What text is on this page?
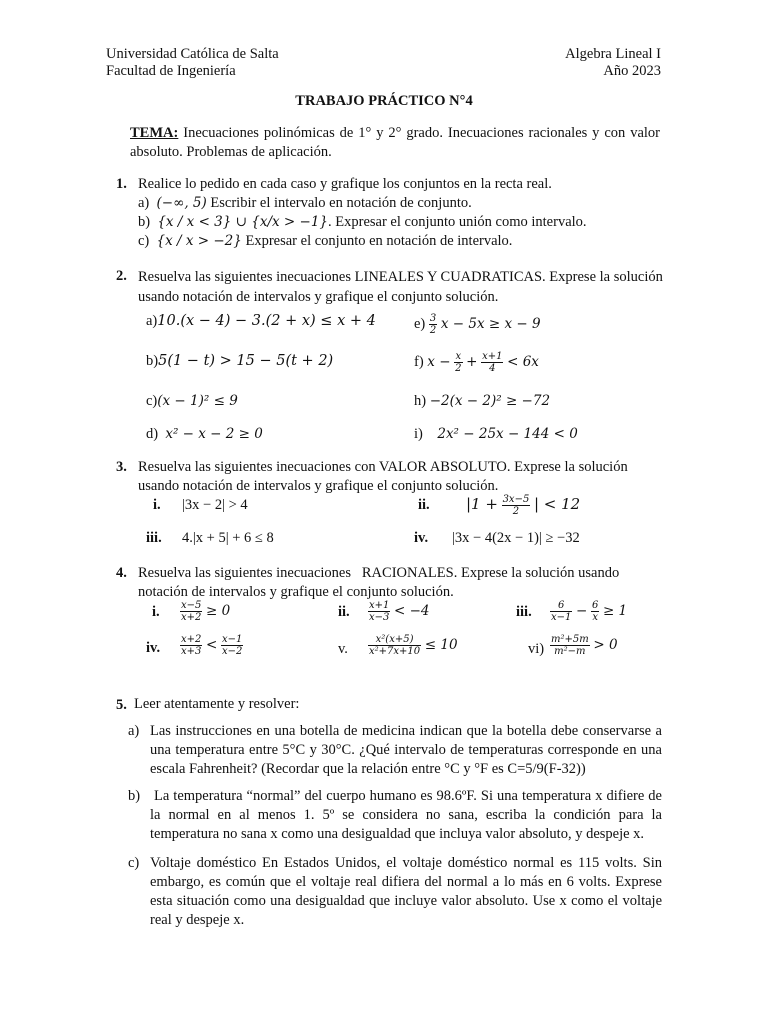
Universidad Católica de Salta
Facultad de Ingeniería
Algebra Lineal I
Año 2023
TRABAJO PRÁCTICO N°4
TEMA: Inecuaciones polinómicas de 1° y 2° grado. Inecuaciones racionales y con valor absoluto. Problemas de aplicación.
1. Realice lo pedido en cada caso y grafique los conjuntos en la recta real.
a) (−∞, 5) Escribir el intervalo en notación de conjunto.
b) {x / x < 3} ∪ {x/x > −1}. Expresar el conjunto unión como intervalo.
c) {x / x > −2} Expresar el conjunto en notación de intervalo.
2. Resuelva las siguientes inecuaciones LINEALES Y CUADRATICAS. Exprese la solución usando notación de intervalos y grafique el conjunto solución.
a)10.(x − 4) − 3.(2 + x) ≤ x + 4	$e) \frac{3}{2}$ x − 5x ≥ x − 9
b)5(1 − t) > 15 − 5(t + 2)	f) $x - \frac{x}{2} + \frac{x+1}{4} < 6x$
c)(x − 1)² ≤ 9	h) −2(x − 2)² ≥ −72
d) x² − x − 2 ≥ 0	i) 2x² − 25x − 144 < 0
3. Resuelva las siguientes inecuaciones con VALOR ABSOLUTO. Exprese la solución usando notación de intervalos y grafique el conjunto solución.
i. |3x − 2| > 4	ii. $|1 + \frac{3x-5}{2}$ | < 12
iii. 4.|x + 5| + 6 ≤ 8	iv. |3x − 4(2x − 1)| ≥ −32
4. Resuelva las siguientes inecuaciones   RACIONALES. Exprese la solución usando notación de intervalos y grafique el conjunto solución.
i. $\frac{x-5}{x+2} \ge 0$	ii. $\frac{x+1}{x-3} < -4$	iii. $\frac{6}{x-1} - \frac{6}{x} \ge 1$
iv. $\frac{x+2}{x+3} < \frac{x-1}{x-2}$	v. $\frac{\text{x²(x+5)}}{\text{x²+7x+10}} \le 10$	$vi) \frac{\text{m²+5m}}{\text{m²−m}} > 0$
5. Leer atentamente y resolver:
a) Las instrucciones en una botella de medicina indican que la botella debe conservarse a una temperatura entre 5°C y 30°C. ¿Qué intervalo de temperaturas corresponde en una escala Fahrenheit? (Recordar que la relación entre °C y °F es C=5/9(F-32))
b) La temperatura “normal” del cuerpo humano es 98.6ºF. Si una temperatura x difiere de la normal en al menos 1. 5º se considera no sana, escriba la condición para la temperatura no sana x como una desigualdad que incluya valor absoluto, y despeje x.
c) Voltaje doméstico En Estados Unidos, el voltaje doméstico normal es 115 volts. Sin embargo, es común que el voltaje real difiera del normal a lo más en 6 volts. Exprese esta situación como una desigualdad que incluye valor absoluto. Use x como el voltaje real y despeje x.
